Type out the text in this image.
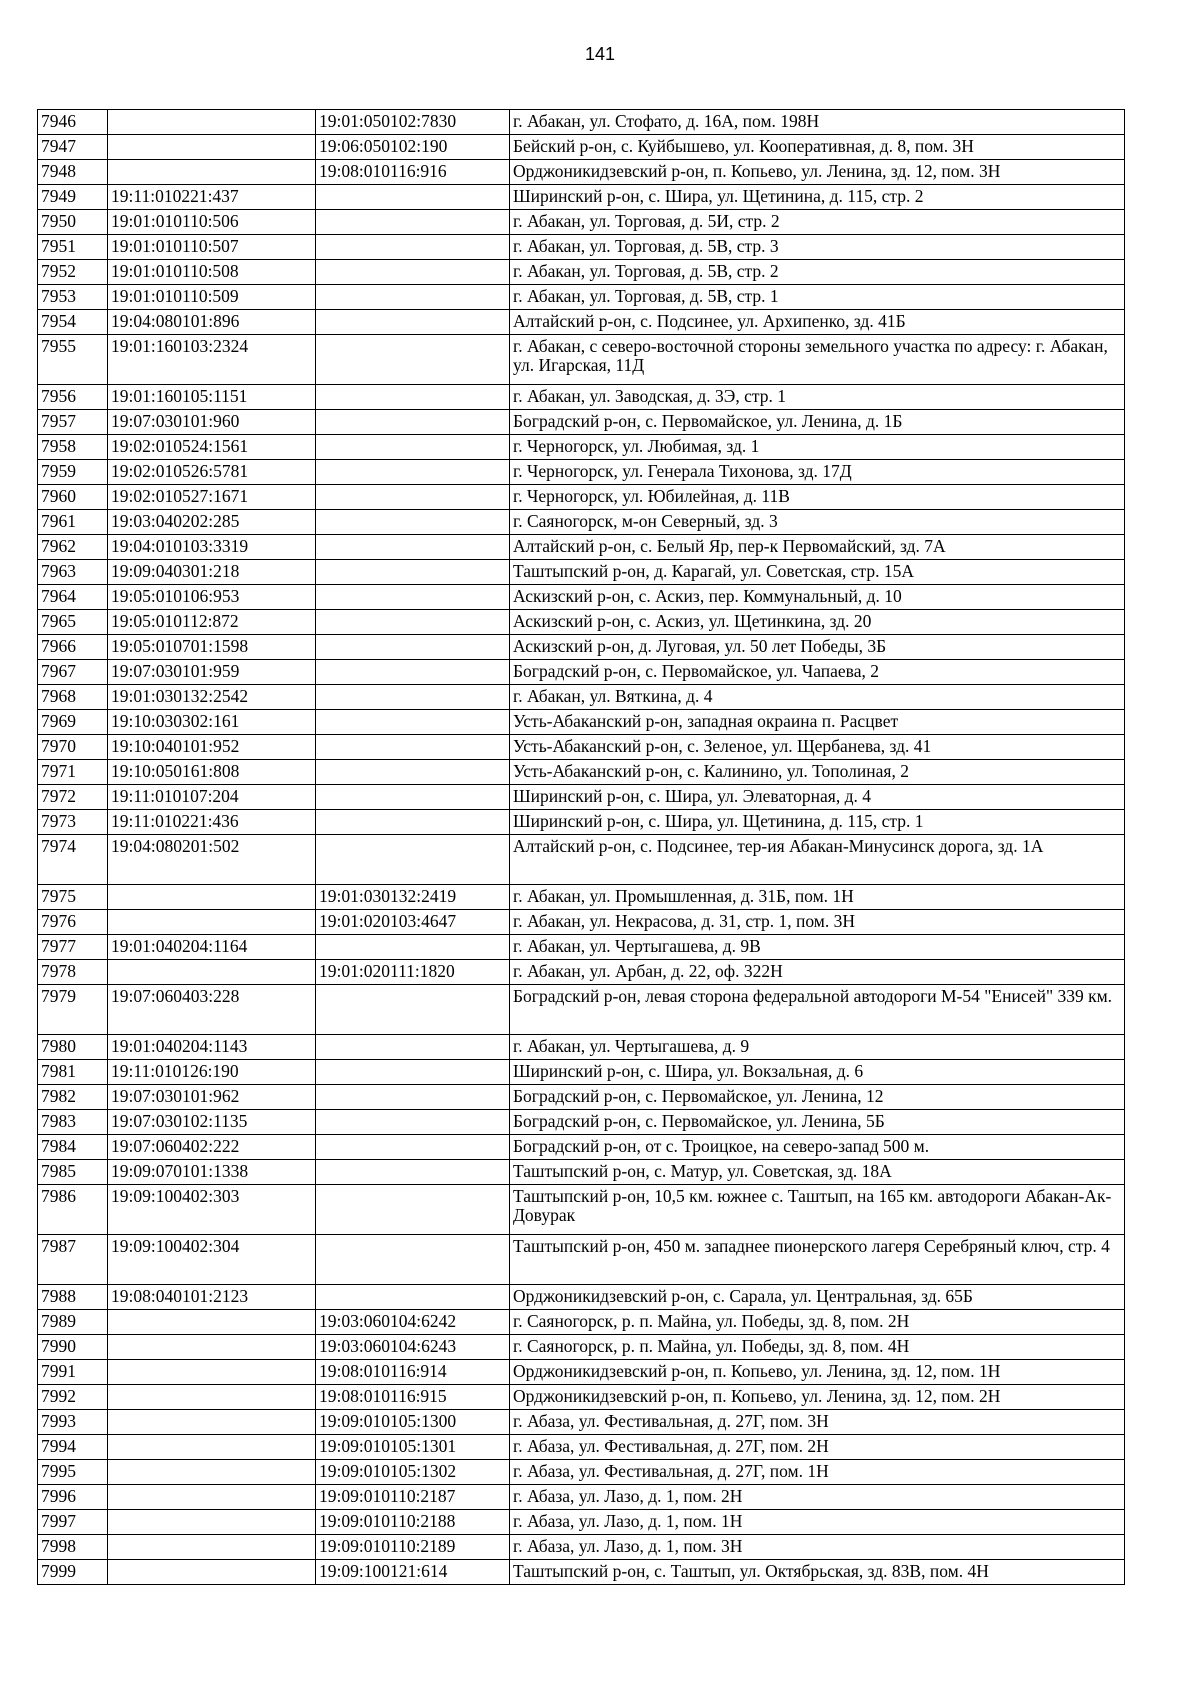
141
7946		19:01:050102:7830	г. Абакан, ул. Стофато, д. 16А, пом. 198Н
7947		19:06:050102:190	Бейский р-он, с. Куйбышево, ул. Кооперативная, д. 8, пом. 3Н
7948		19:08:010116:916	Орджоникидзевский р-он, п. Копьево, ул. Ленина, зд. 12, пом. 3Н
7949	19:11:010221:437		Ширинский р-он, с. Шира, ул. Щетинина, д. 115, стр. 2
7950	19:01:010110:506		г. Абакан, ул. Торговая, д. 5И, стр. 2
7951	19:01:010110:507		г. Абакан, ул. Торговая, д. 5В, стр. 3
7952	19:01:010110:508		г. Абакан, ул. Торговая, д. 5В, стр. 2
7953	19:01:010110:509		г. Абакан, ул. Торговая, д. 5В, стр. 1
7954	19:04:080101:896		Алтайский р-он, с. Подсинее, ул. Архипенко, зд. 41Б
7955	19:01:160103:2324		г. Абакан, с северо-восточной стороны земельного участка по адресу: г. Абакан, ул. Игарская, 11Д
7956	19:01:160105:1151		г. Абакан, ул. Заводская, д. 3Э, стр. 1
7957	19:07:030101:960		Боградский р-он, с. Первомайское, ул. Ленина, д. 1Б
7958	19:02:010524:1561		г. Черногорск, ул. Любимая, зд. 1
7959	19:02:010526:5781		г. Черногорск, ул. Генерала Тихонова, зд. 17Д
7960	19:02:010527:1671		г. Черногорск, ул. Юбилейная, д. 11В
7961	19:03:040202:285		г. Саяногорск, м-он Северный, зд. 3
7962	19:04:010103:3319		Алтайский р-он, с. Белый Яр, пер-к Первомайский, зд. 7А
7963	19:09:040301:218		Таштыпский р-он, д. Карагай, ул. Советская, стр. 15А
7964	19:05:010106:953		Аскизский р-он, с. Аскиз, пер. Коммунальный, д. 10
7965	19:05:010112:872		Аскизский р-он, с. Аскиз, ул. Щетинкина, зд. 20
7966	19:05:010701:1598		Аскизский р-он, д. Луговая, ул. 50 лет Победы, 3Б
7967	19:07:030101:959		Боградский р-он, с. Первомайское, ул. Чапаева, 2
7968	19:01:030132:2542		г. Абакан, ул. Вяткина, д. 4
7969	19:10:030302:161		Усть-Абаканский р-он, западная окраина п. Расцвет
7970	19:10:040101:952		Усть-Абаканский р-он, с. Зеленое, ул. Щербанева, зд. 41
7971	19:10:050161:808		Усть-Абаканский р-он, с. Калинино, ул. Тополиная, 2
7972	19:11:010107:204		Ширинский р-он, с. Шира, ул. Элеваторная, д. 4
7973	19:11:010221:436		Ширинский р-он, с. Шира, ул. Щетинина, д. 115, стр. 1
7974	19:04:080201:502		Алтайский р-он, с. Подсинее, тер-ия Абакан-Минусинск дорога, зд. 1А
7975		19:01:030132:2419	г. Абакан, ул. Промышленная, д. 31Б, пом. 1Н
7976		19:01:020103:4647	г. Абакан, ул. Некрасова, д. 31, стр. 1, пом. 3Н
7977	19:01:040204:1164		г. Абакан, ул. Чертыгашева, д. 9В
7978		19:01:020111:1820	г. Абакан, ул. Арбан, д. 22, оф. 322Н
7979	19:07:060403:228		Боградский р-он, левая сторона федеральной автодороги М-54 "Енисей" 339 км.
7980	19:01:040204:1143		г. Абакан, ул. Чертыгашева, д. 9
7981	19:11:010126:190		Ширинский р-он, с. Шира, ул. Вокзальная, д. 6
7982	19:07:030101:962		Боградский р-он, с. Первомайское, ул. Ленина, 12
7983	19:07:030102:1135		Боградский р-он, с. Первомайское, ул. Ленина, 5Б
7984	19:07:060402:222		Боградский р-он, от с. Троицкое, на северо-запад 500 м.
7985	19:09:070101:1338		Таштыпский р-он, с. Матур, ул. Советская, зд. 18А
7986	19:09:100402:303		Таштыпский р-он, 10,5 км. южнее с. Таштып, на 165 км. автодороги Абакан-Ак-Довурак
7987	19:09:100402:304		Таштыпский р-он, 450 м. западнее пионерского лагеря Серебряный ключ, стр. 4
7988	19:08:040101:2123		Орджоникидзевский р-он, с. Сарала, ул. Центральная, зд. 65Б
7989		19:03:060104:6242	г. Саяногорск, р. п. Майна, ул. Победы, зд. 8, пом. 2Н
7990		19:03:060104:6243	г. Саяногорск, р. п. Майна, ул. Победы, зд. 8, пом. 4Н
7991		19:08:010116:914	Орджоникидзевский р-он, п. Копьево, ул. Ленина, зд. 12, пом. 1Н
7992		19:08:010116:915	Орджоникидзевский р-он, п. Копьево, ул. Ленина, зд. 12, пом. 2Н
7993		19:09:010105:1300	г. Абаза, ул. Фестивальная, д. 27Г, пом. 3Н
7994		19:09:010105:1301	г. Абаза, ул. Фестивальная, д. 27Г, пом. 2Н
7995		19:09:010105:1302	г. Абаза, ул. Фестивальная, д. 27Г, пом. 1Н
7996		19:09:010110:2187	г. Абаза, ул. Лазо, д. 1, пом. 2Н
7997		19:09:010110:2188	г. Абаза, ул. Лазо, д. 1, пом. 1Н
7998		19:09:010110:2189	г. Абаза, ул. Лазо, д. 1, пом. 3Н
7999		19:09:100121:614	Таштыпский р-он, с. Таштып, ул. Октябрьская, зд. 83В, пом. 4Н
